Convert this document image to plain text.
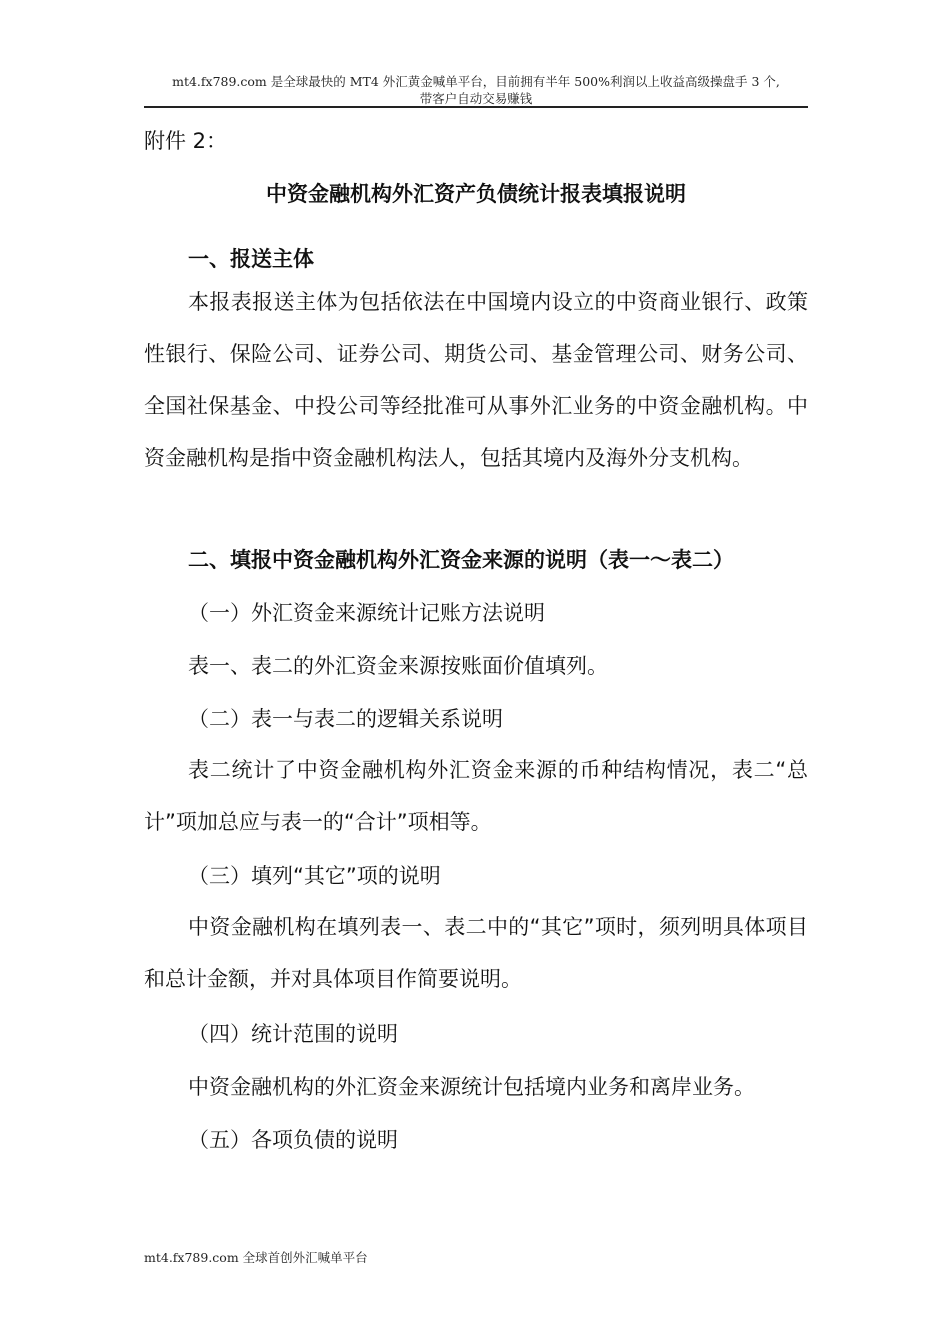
mt4.fx789.com 是全球最快的 MT4 外汇黄金喊单平台，目前拥有半年 500%利润以上收益高级操盘手 3 个,
带客户自动交易赚钱
附件 2：
中资金融机构外汇资产负债统计报表填报说明
一、报送主体
本报表报送主体为包括依法在中国境内设立的中资商业银行、政策性银行、保险公司、证券公司、期货公司、基金管理公司、财务公司、全国社保基金、中投公司等经批准可从事外汇业务的中资金融机构。中资金融机构是指中资金融机构法人，包括其境内及海外分支机构。
二、填报中资金融机构外汇资金来源的说明（表一～表二）
（一）外汇资金来源统计记账方法说明
表一、表二的外汇资金来源按账面价值填列。
（二）表一与表二的逻辑关系说明
表二统计了中资金融机构外汇资金来源的币种结构情况，表二“总计”项加总应与表一的“合计”项相等。
（三）填列“其它”项的说明
中资金融机构在填列表一、表二中的“其它”项时，须列明具体项目和总计金额，并对具体项目作简要说明。
（四）统计范围的说明
中资金融机构的外汇资金来源统计包括境内业务和离岸业务。
（五）各项负债的说明
mt4.fx789.com 全球首创外汇喊单平台
